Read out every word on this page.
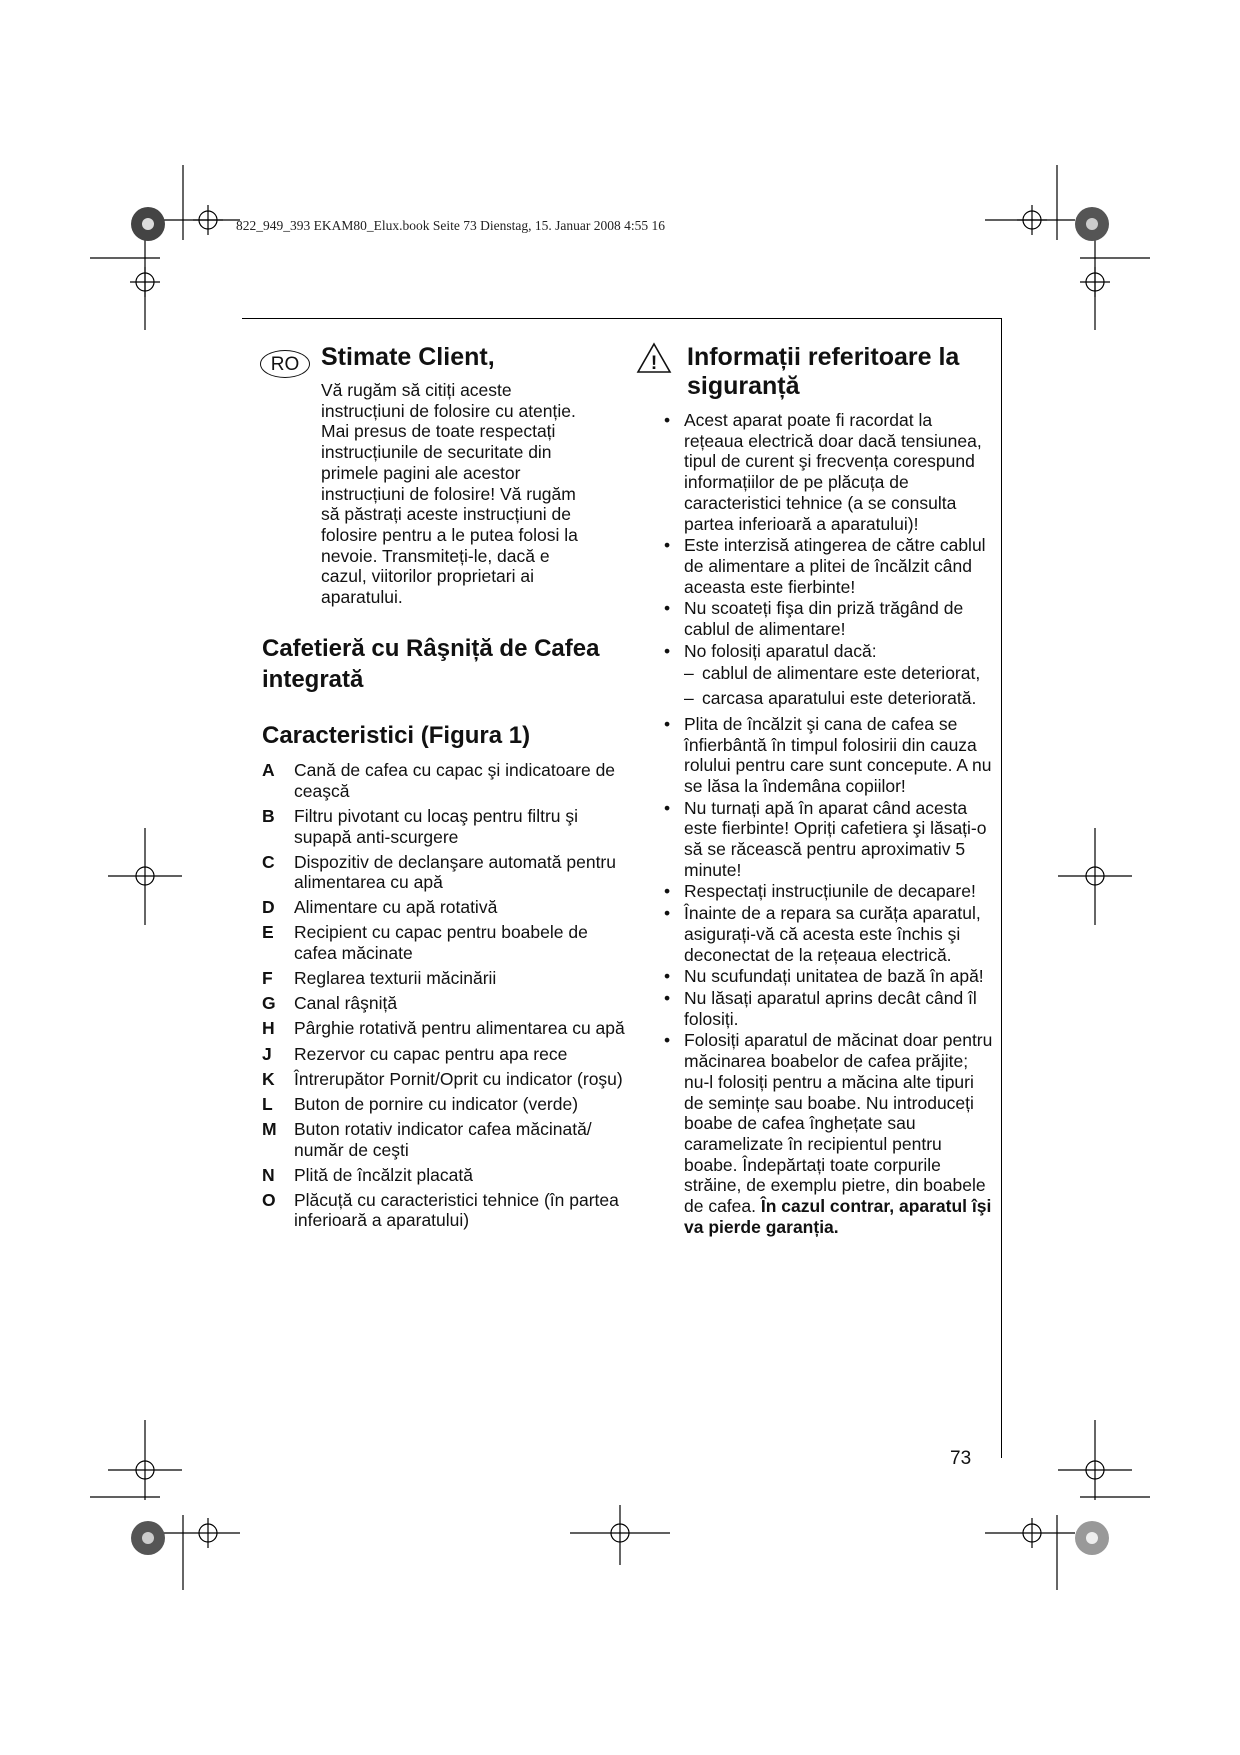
822_949_393 EKAM80_Elux.book Seite 73 Dienstag, 15. Januar 2008 4:55 16
RO Stimate Client,
Vă rugăm să citiți aceste
instrucțiuni de folosire cu atenție.
Mai presus de toate respectați
instrucțiunile de securitate din
primele pagini ale acestor
instrucțiuni de folosire! Vă rugăm
să păstrați aceste instrucțiuni de
folosire pentru a le putea folosi la
nevoie. Transmiteți-le, dacă e
cazul, viitorilor proprietari ai
aparatului.
Cafetieră cu Râşniță de Cafea
integrată
Caracteristici (Figura 1)
A	Cană de cafea cu capac şi indicatoare de ceaşcă
B	Filtru pivotant cu locaş pentru filtru şi supapă anti-scurgere
C	Dispozitiv de declanşare automată pentru alimentarea cu apă
D	Alimentare cu apă rotativă
E	Recipient cu capac pentru boabele de cafea măcinate
F	Reglarea texturii măcinării
G	Canal râşniță
H	Pârghie rotativă pentru alimentarea cu apă
J	Rezervor cu capac pentru apa rece
K	Întrerupător Pornit/Oprit cu indicator (roşu)
L	Buton de pornire cu indicator (verde)
M Buton rotativ indicator cafea măcinată/ număr de ceşti
N	Plită de încălzit placată
O	Plăcuță cu caracteristici tehnice (în partea inferioară a aparatului)
! Informații referitoare la
siguranță
• Acest aparat poate fi racordat la rețeaua electrică doar dacă tensiunea, tipul de curent şi frecvența corespund informațiilor de pe plăcuța de caracteristici tehnice (a se consulta partea inferioară a aparatului)!
• Este interzisă atingerea de către cablul de alimentare a plitei de încălzit când aceasta este fierbinte!
• Nu scoateți fişa din priză trăgând de cablul de alimentare!
• No folosiți aparatul dacă:
– cablul de alimentare este deteriorat,
– carcasa aparatului este deteriorată.
• Plita de încălzit şi cana de cafea se înfierbântă în timpul folosirii din cauza rolului pentru care sunt concepute. A nu se lăsa la îndemâna copiilor!
• Nu turnați apă în aparat când acesta este fierbinte! Opriți cafetiera şi lăsați-o să se răcească pentru aproximativ 5 minute!
• Respectați instrucțiunile de decapare!
• Înainte de a repara sa curăța aparatul, asigurați-vă că acesta este închis şi deconectat de la rețeaua electrică.
• Nu scufundați unitatea de bază în apă!
• Nu lăsați aparatul aprins decât când îl folosiți.
• Folosiți aparatul de măcinat doar pentru măcinarea boabelor de cafea prăjite; nu-l folosiți pentru a măcina alte tipuri de semințe sau boabe. Nu introduceți boabe de cafea înghețate sau caramelizate în recipientul pentru boabe. Îndepărtați toate corpurile străine, de exemplu pietre, din boabele de cafea. În cazul contrar, aparatul îşi va pierde garanția.
73
